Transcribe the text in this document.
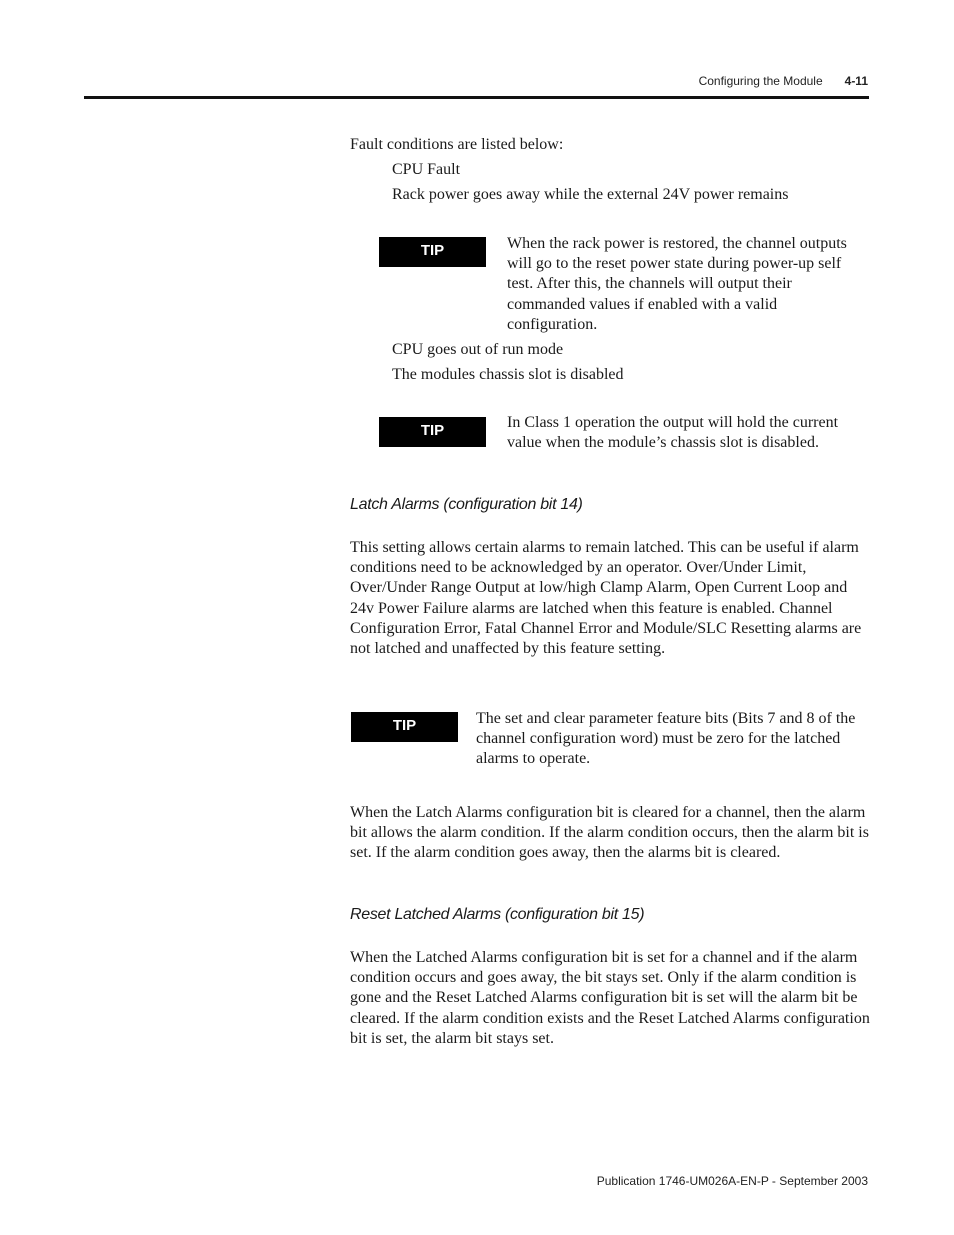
Configuring the Module 4-11

Fault conditions are listed below:

CPU Fault

Rack power goes away while the external 24V power remains

TIP	When the rack power is restored, the channel outputs will go to the reset power state during power-up self test. After this, the channels will output their commanded values if enabled with a valid configuration.

CPU goes out of run mode

The modules chassis slot is disabled

TIP	In Class 1 operation the output will hold the current value when the module’s chassis slot is disabled.

Latch Alarms (configuration bit 14)

This setting allows certain alarms to remain latched. This can be useful if alarm conditions need to be acknowledged by an operator. Over/Under Limit, Over/Under Range Output at low/high Clamp Alarm, Open Current Loop and 24v Power Failure alarms are latched when this feature is enabled. Channel Configuration Error, Fatal Channel Error and Module/SLC Resetting alarms are not latched and unaffected by this feature setting.

TIP	The set and clear parameter feature bits (Bits 7 and 8 of the channel configuration word) must be zero for the latched alarms to operate.

When the Latch Alarms configuration bit is cleared for a channel, then the alarm bit allows the alarm condition. If the alarm condition occurs, then the alarm bit is set. If the alarm condition goes away, then the alarms bit is cleared.

Reset Latched Alarms (configuration bit 15)

When the Latched Alarms configuration bit is set for a channel and if the alarm condition occurs and goes away, the bit stays set. Only if the alarm condition is gone and the Reset Latched Alarms configuration bit is set will the alarm bit be cleared. If the alarm condition exists and the Reset Latched Alarms configuration bit is set, the alarm bit stays set.

Publication 1746-UM026A-EN-P - September 2003
